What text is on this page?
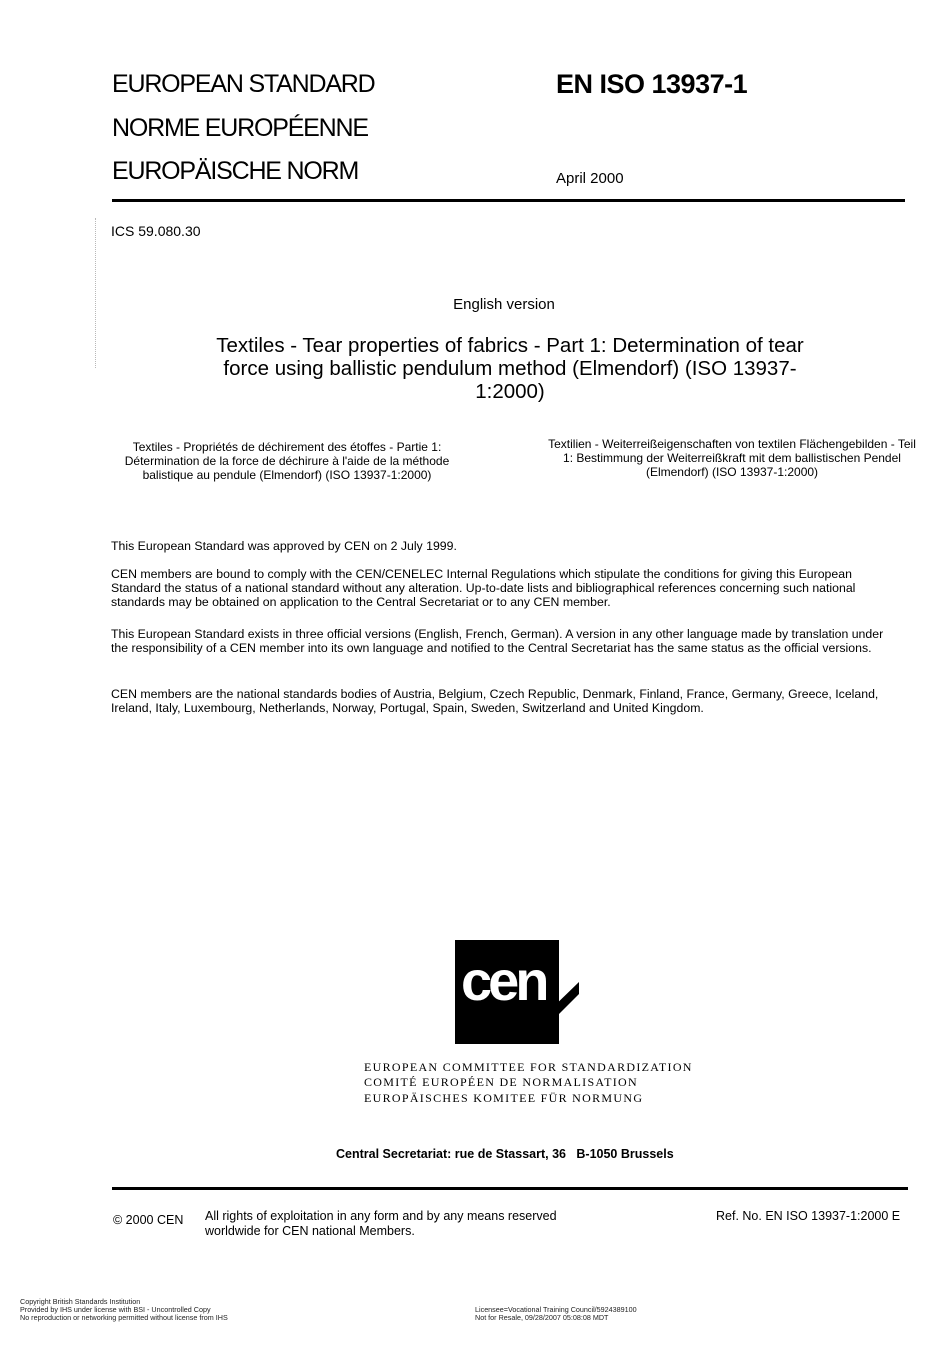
EUROPEAN STANDARD
NORME EUROPÉENNE
EUROPÄISCHE NORM
EN ISO 13937-1
April 2000
ICS 59.080.30
English version
Textiles - Tear properties of fabrics - Part 1: Determination of tear force using ballistic pendulum method (Elmendorf) (ISO 13937-1:2000)
Textiles - Propriétés de déchirement des étoffes - Partie 1: Détermination de la force de déchirure à l'aide de la méthode balistique au pendule (Elmendorf) (ISO 13937-1:2000)
Textilien - Weiterreißeigenschaften von textilen Flächengebilden - Teil 1: Bestimmung der Weiterreißkraft mit dem ballistischen Pendel (Elmendorf) (ISO 13937-1:2000)
This European Standard was approved by CEN on 2 July 1999.
CEN members are bound to comply with the CEN/CENELEC Internal Regulations which stipulate the conditions for giving this European Standard the status of a national standard without any alteration. Up-to-date lists and bibliographical references concerning such national standards may be obtained on application to the Central Secretariat or to any CEN member.
This European Standard exists in three official versions (English, French, German). A version in any other language made by translation under the responsibility of a CEN member into its own language and notified to the Central Secretariat has the same status as the official versions.
CEN members are the national standards bodies of Austria, Belgium, Czech Republic, Denmark, Finland, France, Germany, Greece, Iceland, Ireland, Italy, Luxembourg, Netherlands, Norway, Portugal, Spain, Sweden, Switzerland and United Kingdom.
cen
EUROPEAN COMMITTEE FOR STANDARDIZATION
COMITÉ EUROPÉEN DE NORMALISATION
EUROPÄISCHES KOMITEE FÜR NORMUNG
Central Secretariat: rue de Stassart, 36   B-1050 Brussels
© 2000 CEN All rights of exploitation in any form and by any means reserved
worldwide for CEN national Members.
Ref. No. EN ISO 13937-1:2000 E
Copyright British Standards Institution
Provided by IHS under license with BSI - Uncontrolled Copy
No reproduction or networking permitted without license from IHS
Licensee=Vocational Training Council/5924389100
Not for Resale, 09/28/2007 05:08:08 MDT
